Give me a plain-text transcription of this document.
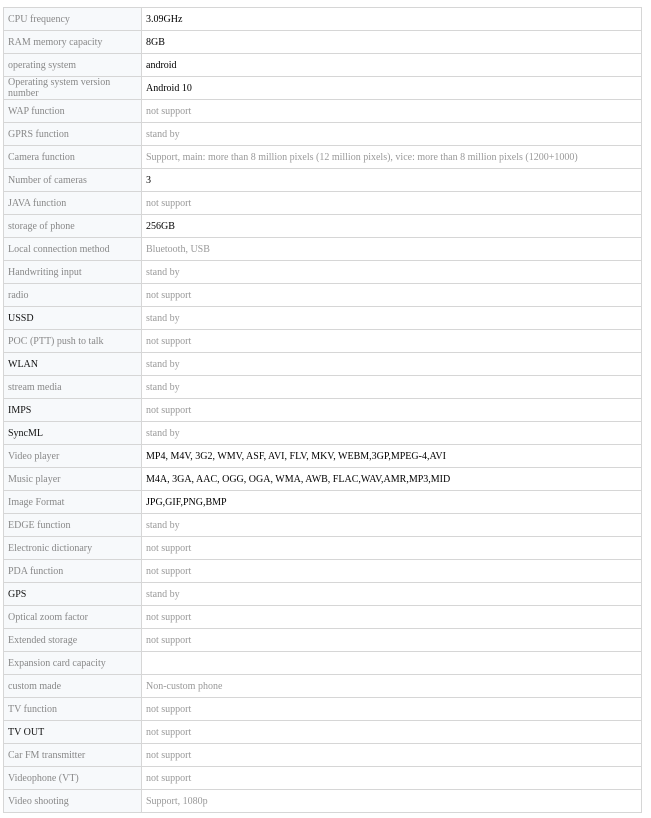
CPU frequency	3.09GHz
RAM memory capacity	8GB
operating system	android
Operating system version number	Android 10
WAP function	not support
GPRS function	stand by
Camera function	Support, main: more than 8 million pixels (12 million pixels), vice: more than 8 million pixels (1200+1000)
Number of cameras	3
JAVA function	not support
storage of phone	256GB
Local connection method	Bluetooth, USB
Handwriting input	stand by
radio	not support
USSD	stand by
POC (PTT) push to talk	not support
WLAN	stand by
stream media	stand by
IMPS	not support
SyncML	stand by
Video player	MP4, M4V, 3G2, WMV, ASF, AVI, FLV, MKV, WEBM,3GP,MPEG-4,AVI
Music player	M4A, 3GA, AAC, OGG, OGA, WMA, AWB, FLAC,WAV,AMR,MP3,MID
Image Format	JPG,GIF,PNG,BMP
EDGE function	stand by
Electronic dictionary	not support
PDA function	not support
GPS	stand by
Optical zoom factor	not support
Extended storage	not support
Expansion card capacity	
custom made	Non-custom phone
TV function	not support
TV OUT	not support
Car FM transmitter	not support
Videophone (VT)	not support
Video shooting	Support, 1080p
